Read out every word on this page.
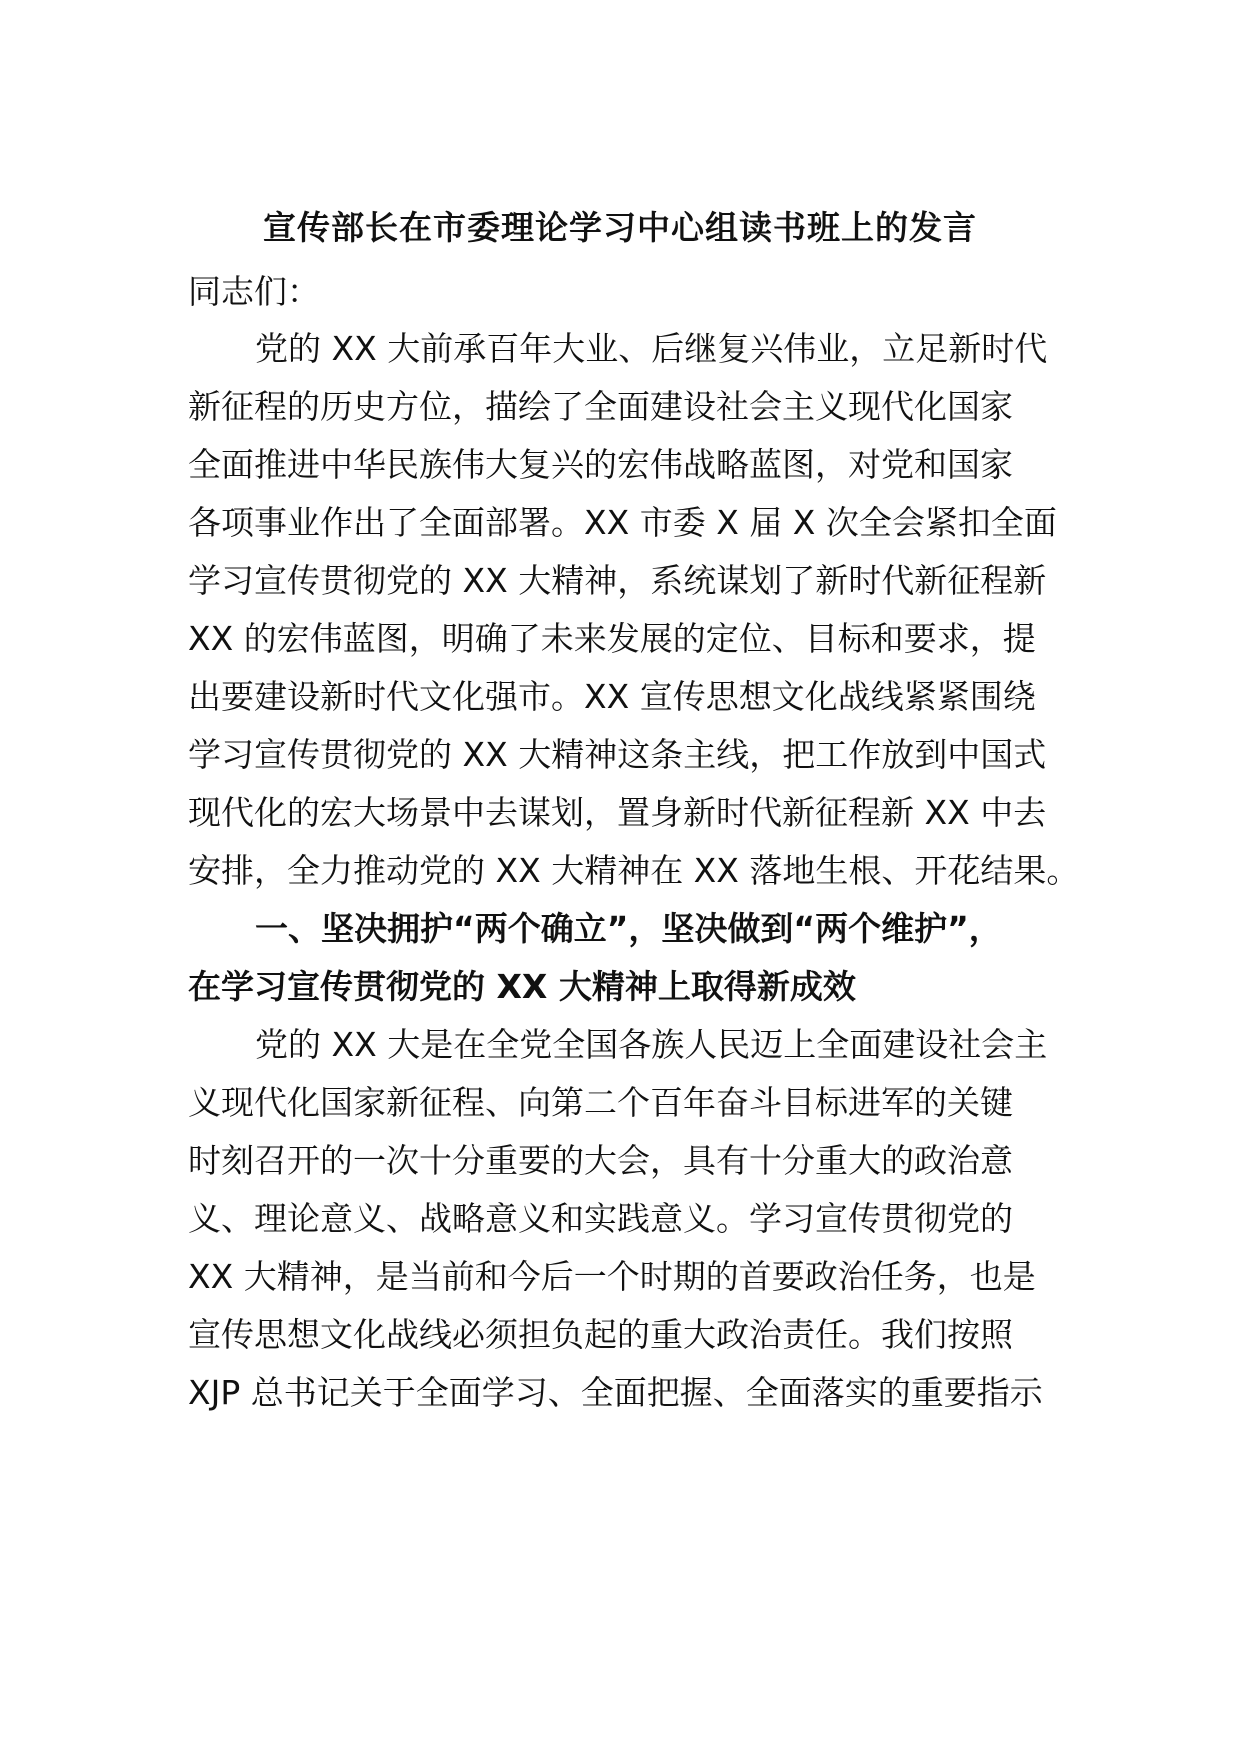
宣传部长在市委理论学习中心组读书班上的发言
同志们：
党的 XX 大前承百年大业、后继复兴伟业，立足新时代
新征程的历史方位，描绘了全面建设社会主义现代化国家
全面推进中华民族伟大复兴的宏伟战略蓝图，对党和国家
各项事业作出了全面部署。XX 市委 X 届 X 次全会紧扣全面
学习宣传贯彻党的 XX 大精神，系统谋划了新时代新征程新
XX 的宏伟蓝图，明确了未来发展的定位、目标和要求，提
出要建设新时代文化强市。XX 宣传思想文化战线紧紧围绕
学习宣传贯彻党的 XX 大精神这条主线，把工作放到中国式
现代化的宏大场景中去谋划，置身新时代新征程新 XX 中去
安排，全力推动党的 XX 大精神在 XX 落地生根、开花结果。
一、坚决拥护“两个确立”，坚决做到“两个维护”，
在学习宣传贯彻党的 XX 大精神上取得新成效
党的 XX 大是在全党全国各族人民迈上全面建设社会主
义现代化国家新征程、向第二个百年奋斗目标进军的关键
时刻召开的一次十分重要的大会，具有十分重大的政治意
义、理论意义、战略意义和实践意义。学习宣传贯彻党的
XX 大精神，是当前和今后一个时期的首要政治任务，也是
宣传思想文化战线必须担负起的重大政治责任。我们按照
XJP 总书记关于全面学习、全面把握、全面落实的重要指示
